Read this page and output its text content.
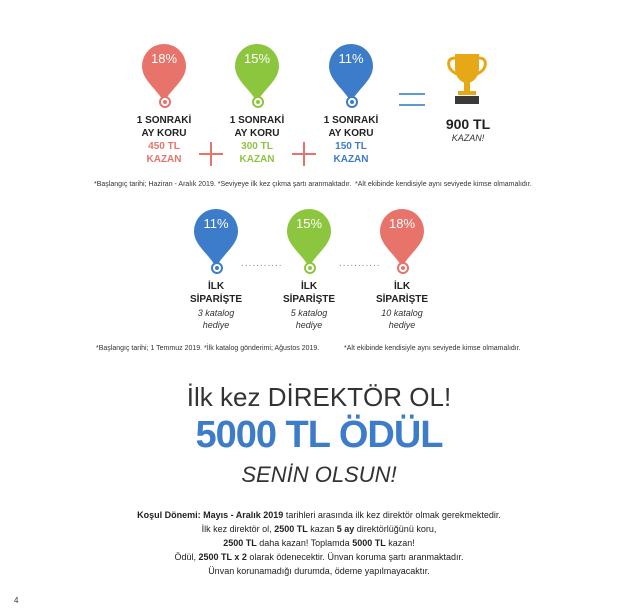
18%	15%	11%
1 SONRAKİ
AY KORU
450 TL
KAZAN
1 SONRAKİ
AY KORU
300 TL
KAZAN
1 SONRAKİ
AY KORU
150 TL
KAZAN
900 TL
KAZAN!
*Başlangıç tarihi; Haziran - Aralık 2019. *Seviyeye ilk kez çıkma şartı aranmaktadır. *Alt ekibinde kendisiyle aynı seviyede kimse olmamalıdır.
11%	15%	18%
...........	...........
İLK
SİPARİŞTE
3 katalog
hediye
İLK
SİPARİŞTE
5 katalog
hediye
İLK
SİPARİŞTE
10 katalog
hediye
*Başlangıç tarihi; 1 Temmuz 2019. *İlk katalog gönderimi; Ağustos 2019.	*Alt ekibinde kendisiyle aynı seviyede kimse olmamalıdır.
İlk kez DİREKTÖR OL!
5000 TL ÖDÜL
SENİN OLSUN!
Koşul Dönemi: Mayıs - Aralık 2019 tarihleri arasında ilk kez direktör olmak gerekmektedir.
İlk kez direktör ol, 2500 TL kazan 5 ay direktörlüğünü koru,
2500 TL daha kazan! Toplamda 5000 TL kazan!
Ödül, 2500 TL x 2 olarak ödenecektir. Ünvan koruma şartı aranmaktadır.
Ünvan korunamadığı durumda, ödeme yapılmayacaktır.
4
